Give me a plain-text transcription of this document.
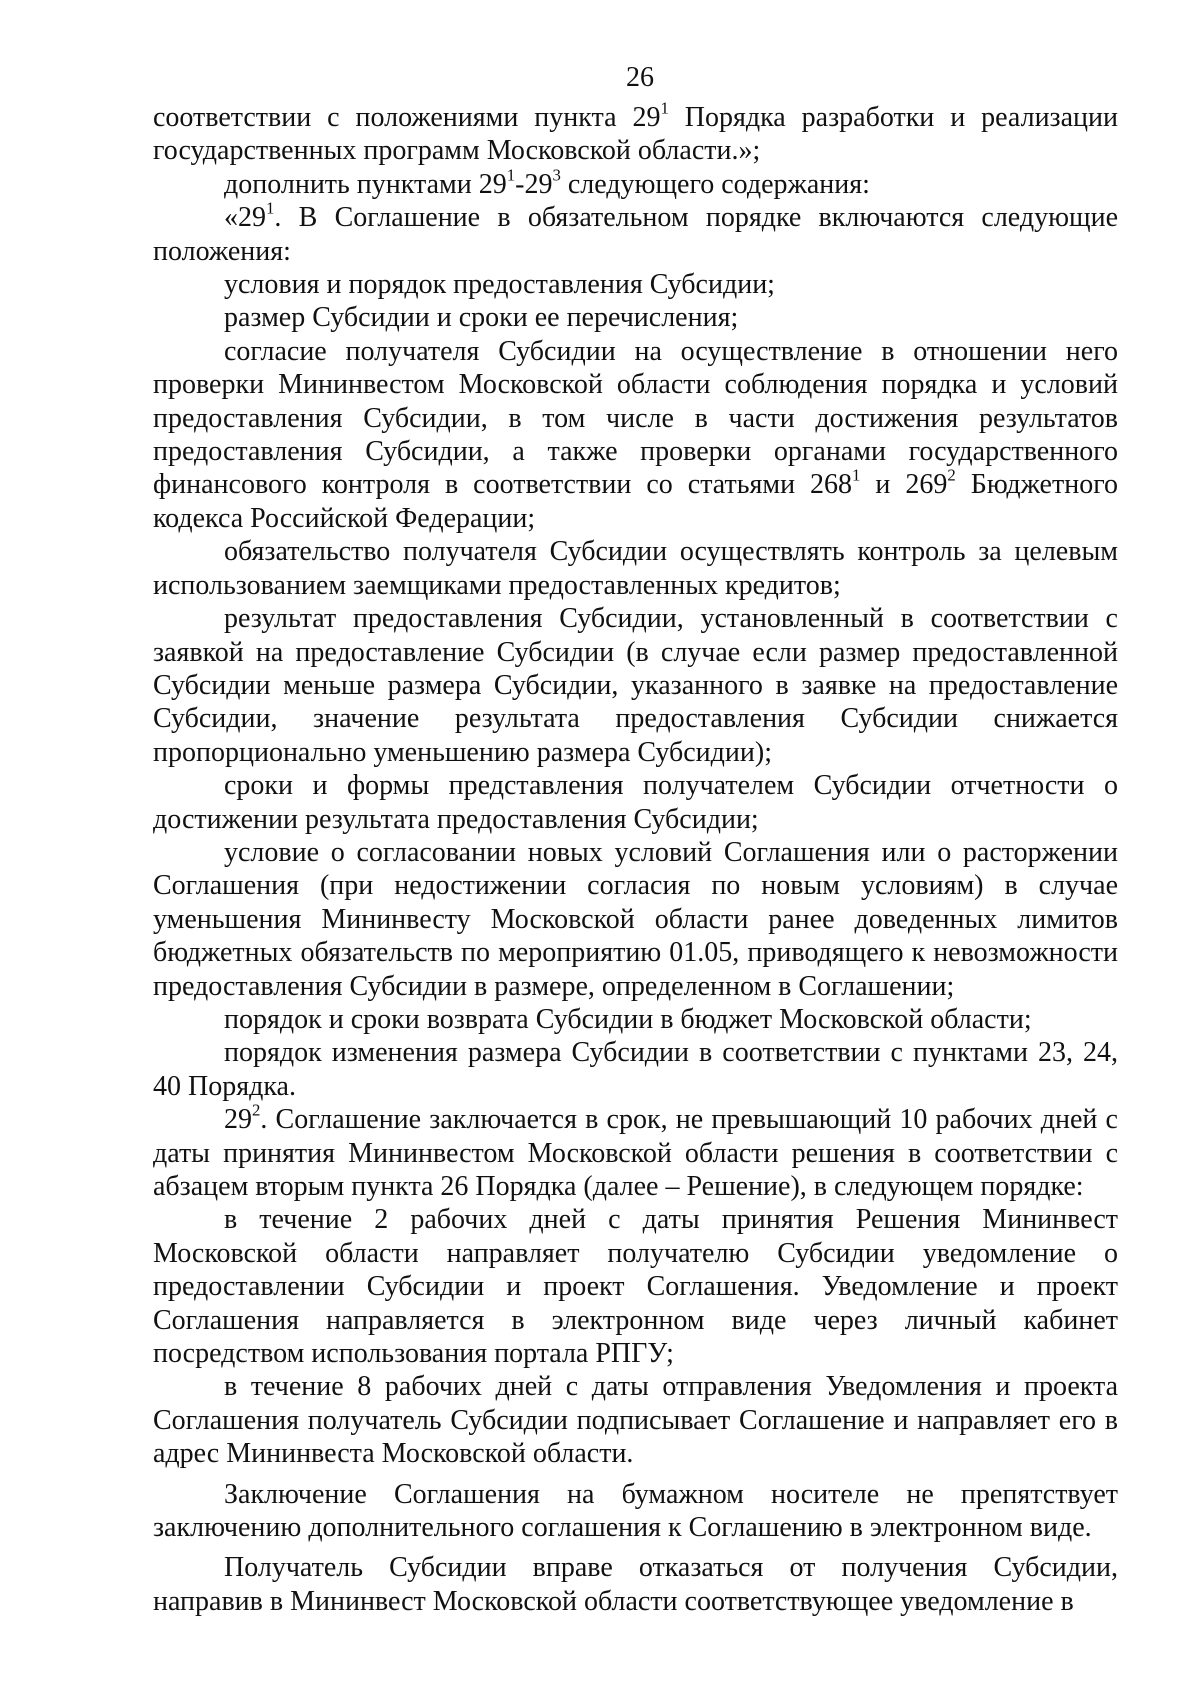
26

соответствии с положениями пункта $29^1$ Порядка разработки и реализации государственных программ Московской области.»;

дополнить пунктами $29^1-29^3$ следующего содержания:

«$29^1$. В Соглашение в обязательном порядке включаются следующие положения:

условия и порядок предоставления Субсидии;

размер Субсидии и сроки ее перечисления;

согласие получателя Субсидии на осуществление в отношении него проверки Мининвестом Московской области соблюдения порядка и условий предоставления Субсидии, в том числе в части достижения результатов предоставления Субсидии, а также проверки органами государственного финансового контроля в соответствии со статьями $268^1$ и $269^2$ Бюджетного кодекса Российской Федерации;

обязательство получателя Субсидии осуществлять контроль за целевым использованием заемщиками предоставленных кредитов;

результат предоставления Субсидии, установленный в соответствии с заявкой на предоставление Субсидии (в случае если размер предоставленной Субсидии меньше размера Субсидии, указанного в заявке на предоставление Субсидии, значение результата предоставления Субсидии снижается пропорционально уменьшению размера Субсидии);

сроки и формы представления получателем Субсидии отчетности о достижении результата предоставления Субсидии;

условие о согласовании новых условий Соглашения или о расторжении Соглашения (при недостижении согласия по новым условиям) в случае уменьшения Мининвесту Московской области ранее доведенных лимитов бюджетных обязательств по мероприятию 01.05, приводящего к невозможности предоставления Субсидии в размере, определенном в Соглашении;

порядок и сроки возврата Субсидии в бюджет Московской области;

порядок изменения размера Субсидии в соответствии с пунктами 23, 24, 40 Порядка.

$29^2$. Соглашение заключается в срок, не превышающий 10 рабочих дней с даты принятия Мининвестом Московской области решения в соответствии с абзацем вторым пункта 26 Порядка (далее – Решение), в следующем порядке:

в течение 2 рабочих дней с даты принятия Решения Мининвест Московской области направляет получателю Субсидии уведомление о предоставлении Субсидии и проект Соглашения. Уведомление и проект Соглашения направляется в электронном виде через личный кабинет посредством использования портала РПГУ;

в течение 8 рабочих дней с даты отправления Уведомления и проекта Соглашения получатель Субсидии подписывает Соглашение и направляет его в адрес Мининвеста Московской области.

Заключение Соглашения на бумажном носителе не препятствует заключению дополнительного соглашения к Соглашению в электронном виде.

Получатель Субсидии вправе отказаться от получения Субсидии, направив в Мининвест Московской области соответствующее уведомление в
